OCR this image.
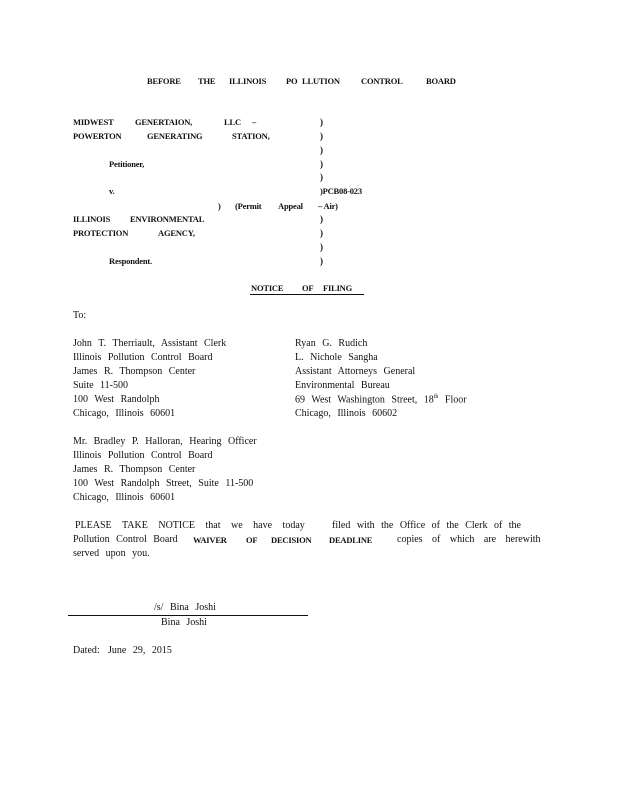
BEFORE THE ILLINOIS PO LLUTION CONTROL	BOARD
MIDWEST	GENERTAION,	LLC –
POWERTON	GENERATING	STATION,
Petitioner,
v.	)PCB08-023
) (Permit Appeal – Air)
ILLINOIS ENVIRONMENTAL
PROTECTION	AGENCY,
Respondent.
)
)
)
)
)
)
)
)
)
NOTICE OF FILING
To:
John T. Therriault, Assistant Clerk
Illinois Pollution Control Board
James R. Thompson Center
Suite 11-500
100 West Randolph
Chicago, Illinois 60601
Ryan G. Rudich
L. Nichole Sangha
Assistant Attorneys General
Environmental Bureau
69 West Washington Street, 18th Floor
Chicago, Illinois 60602
Mr. Bradley P. Halloran, Hearing Officer
Illinois Pollution Control Board
James R. Thompson Center
100 West Randolph Street, Suite 11-500
Chicago, Illinois 60601
PLEASE TAKE NOTICE that we have today	filed with the Office of the Clerk of the
Pollution Control Board WAIVER OF DECISION DEADLINE copies of which are herewith
served upon you.
/s/ Bina Joshi
Bina Joshi
Dated: June 29, 2015
